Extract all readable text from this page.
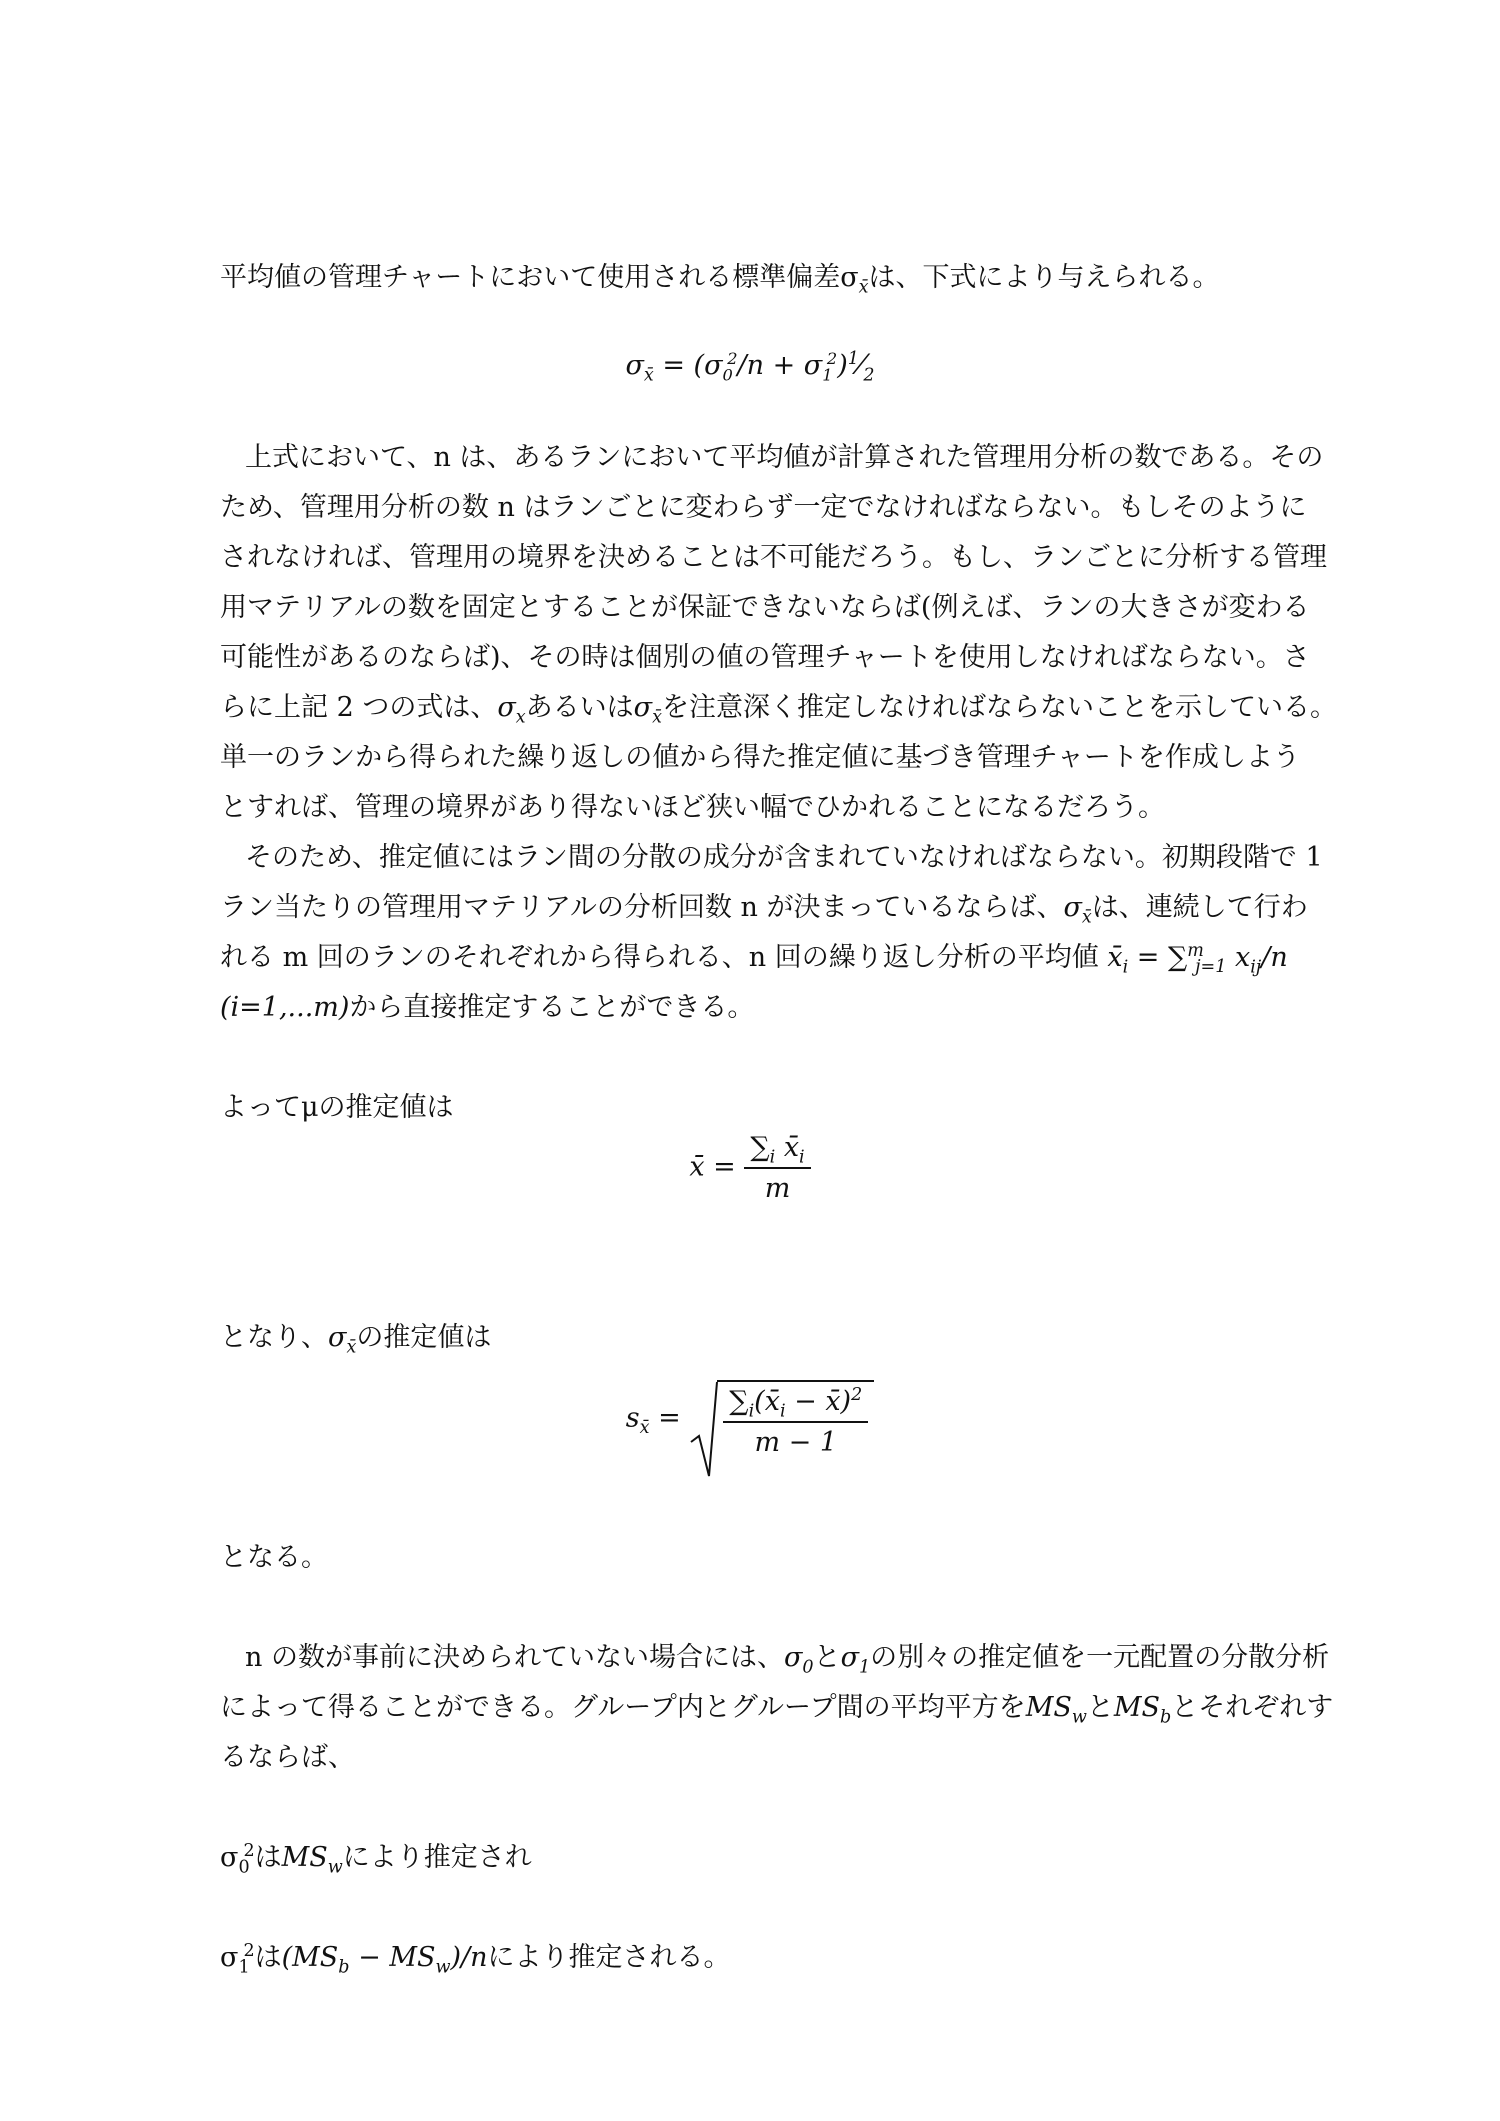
平均値の管理チャートにおいて使用される標準偏差$\sigma_{x̄}$は、下式により与えられる。
$\sigma_{x̄} = (\sigma_0^2/n$ + $\sigma_1^2)^1⁄_2$
上式において、n は、あるランにおいて平均値が計算された管理用分析の数である。その
ため、管理用分析の数 n はランごとに変わらず一定でなければならない。もしそのように
されなければ、管理用の境界を決めることは不可能だろう。もし、ランごとに分析する管理
用マテリアルの数を固定とすることが保証できないならば(例えば、ランの大きさが変わる
可能性があるのならば)、その時は個別の値の管理チャートを使用しなければならない。さ
らに上記 2 つの式は、$\sigma_x$あるいは$\sigma_{x̄}$を注意深く推定しなければならないことを示している。
単一のランから得られた繰り返しの値から得た推定値に基づき管理チャートを作成しよう
とすれば、管理の境界があり得ないほど狭い幅でひかれることになるだろう。
そのため、推定値にはラン間の分散の成分が含まれていなければならない。初期段階で 1
ラン当たりの管理用マテリアルの分析回数 n が決まっているならば、$\sigma_{x̄}$は、連続して行わ
れる m 回のランのそれぞれから得られる、n 回の繰り返し分析の平均値 $x̄_i = \sum^m_{j=1}$ $x_{ij}/n$
(i=1,...m)から直接推定することができる。
よってμの推定値は
x̄ = $\frac{\sum_i x̄_i}{m}$
となり、$\sigma_{x̄}$の推定値は
$s_{x̄} = \frac{\sum_i(x̄_i - x̄)^2}{m - 1}$
となる。
n の数が事前に決められていない場合には、$\sigma_0$と$\sigma_1$の別々の推定値を一元配置の分散分析
によって得ることができる。グループ内とグループ間の平均平方を$MS_w$と$MS_b$とそれぞれす
るならば、
$\sigma_0^2$は$MS_w$により推定され
$\sigma_1^2$は$(MS_b - MS_w)/n$により推定される。
